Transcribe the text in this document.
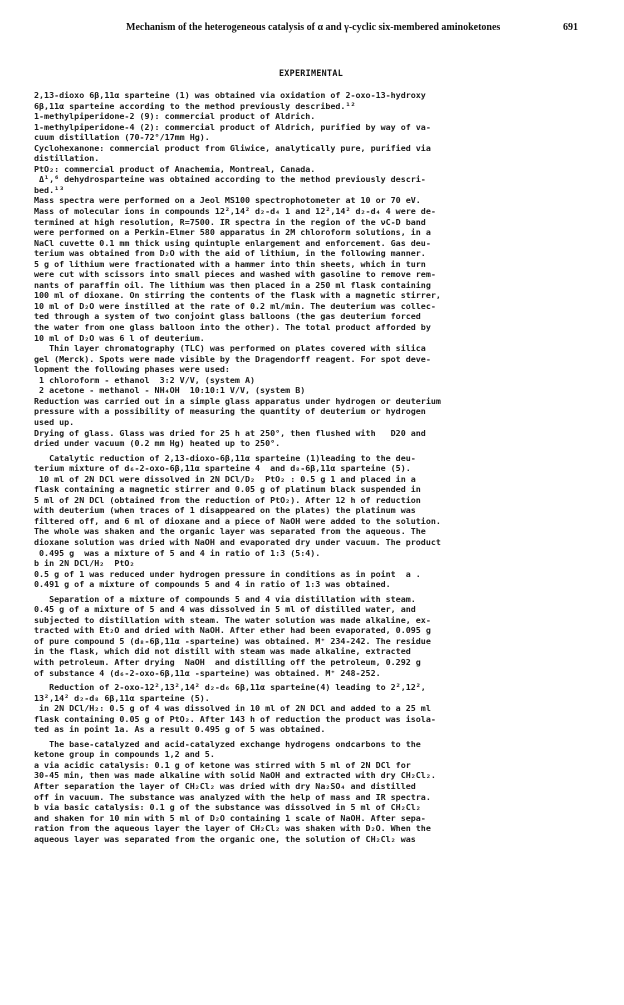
Mechanism of the heterogeneous catalysis of α and γ-cyclic six-membered aminoketones	691
EXPERIMENTAL
2,13-dioxo 6β,11α sparteine (1) was obtained via oxidation of 2-oxo-13-hydroxy
6β,11α sparteine according to the method previously described.¹²
1-methylpiperidone-2 (9): commercial product of Aldrich.
1-methylpiperidone-4 (2): commercial product of Aldrich, purified by way of va-
cuum distillation (70-72°/17mm Hg).
Cyclohexanone: commercial product from Gliwice, analytically pure, purified via
distillation.
PtO₂: commercial product of Anachemia, Montreal, Canada.
Δ¹,⁶ dehydrosparteine was obtained according to the method previously descri-
bed.¹³
Mass spectra were performed on a Jeol MS100 spectrophotometer at 10 or 70 eV.
Mass of molecular ions in compounds 12²,14² d₂-d₄ 1 and 12²,14² d₂-d₄ 4 were de-
termined at high resolution, R=7500. IR spectra in the region of the νC-D band
were performed on a Perkin-Elmer 580 apparatus in 2M chloroform solutions, in a
NaCl cuvette 0.1 mm thick using quintuple enlargement and enforcement. Gas deu-
terium was obtained from D₂O with the aid of lithium, in the following manner.
5 g of lithium were fractionated with a hammer into thin sheets, which in turn
were cut with scissors into small pieces and washed with gasoline to remove rem-
nants of paraffin oil. The lithium was then placed in a 250 ml flask containing
100 ml of dioxane. On stirring the contents of the flask with a magnetic stirrer,
10 ml of D₂O were instilled at the rate of 0.2 ml/min. The deuterium was collec-
ted through a system of two conjoint glass balloons (the gas deuterium forced
the water from one glass balloon into the other). The total product afforded by
10 ml of D₂O was 6 l of deuterium.
Thin layer chromatography (TLC) was performed on plates covered with silica
gel (Merck). Spots were made visible by the Dragendorff reagent. For spot deve-
lopment the following phases were used:
1 chloroform - ethanol  3:2 V/V, (system A)
2 acetone - methanol - NH₄OH  10:10:1 V/V, (system B)
Reduction was carried out in a simple glass apparatus under hydrogen or deuterium
pressure with a possibility of measuring the quantity of deuterium or hydrogen
used up.
Drying of glass. Glass was dried for 25 h at 250°, then flushed with   D20 and
dried under vacuum (0.2 mm Hg) heated up to 250°.
Catalytic reduction of 2,13-dioxo-6β,11α sparteine (1)leading to the deu-
terium mixture of d₆-2-oxo-6β,11α sparteine 4  and d₈-6β,11α sparteine (5).
10 ml of 2N DCl were dissolved in 2N DCl/D₂  PtO₂ : 0.5 g 1 and placed in a
flask containing a magnetic stirrer and 0.05 g of platinum black suspended in
5 ml of 2N DCl (obtained from the reduction of PtO₂). After 12 h of reduction
with deuterium (when traces of 1 disappeared on the plates) the platinum was
filtered off, and 6 ml of dioxane and a piece of NaOH were added to the solution.
The whole was shaken and the organic layer was separated from the aqueous. The
dioxane solution was dried with NaOH and evaporated dry under vacuum. The product
0.495 g  was a mixture of 5 and 4 in ratio of 1:3 (5:4).
b in 2N DCl/H₂  PtO₂
0.5 g of 1 was reduced under hydrogen pressure in conditions as in point  a .
0.491 g of a mixture of compounds 5 and 4 in ratio of 1:3 was obtained.
Separation of a mixture of compounds 5 and 4 via distillation with steam.
0.45 g of a mixture of 5 and 4 was dissolved in 5 ml of distilled water, and
subjected to distillation with steam. The water solution was made alkaline, ex-
tracted with Et₂O and dried with NaOH. After ether had been evaporated, 0.095 g
of pure compound 5 (d₈-6β,11α -sparteine) was obtained. M⁺ 234-242. The residue
in the flask, which did not distill with steam was made alkaline, extracted
with petroleum. After drying  NaOH  and distilling off the petroleum, 0.292 g
of substance 4 (d₆-2-oxo-6β,11α -sparteine) was obtained. M⁺ 248-252.
Reduction of 2-oxo-12²,13²,14² d₂-d₆ 6β,11α sparteine(4) leading to 2²,12²,
13²,14² d₂-d₈ 6β,11α sparteine (5).
in 2N DCl/H₂: 0.5 g of 4 was dissolved in 10 ml of 2N DCl and added to a 25 ml
flask containing 0.05 g of PtO₂. After 143 h of reduction the product was isola-
ted as in point 1a. As a result 0.495 g of 5 was obtained.
The base-catalyzed and acid-catalyzed exchange hydrogens ondcarbons to the
ketone group in compounds 1,2 and 5.
a via acidic catalysis: 0.1 g of ketone was stirred with 5 ml of 2N DCl for
30-45 min, then was made alkaline with solid NaOH and extracted with dry CH₂Cl₂.
After separation the layer of CH₂Cl₂ was dried with dry Na₂SO₄ and distilled
off in vacuum. The substance was analyzed with the help of mass and IR spectra.
b via basic catalysis: 0.1 g of the substance was dissolved in 5 ml of CH₂Cl₂
and shaken for 10 min with 5 ml of D₂O containing 1 scale of NaOH. After sepa-
ration from the aqueous layer the layer of CH₂Cl₂ was shaken with D₂O. When the
aqueous layer was separated from the organic one, the solution of CH₂Cl₂ was
